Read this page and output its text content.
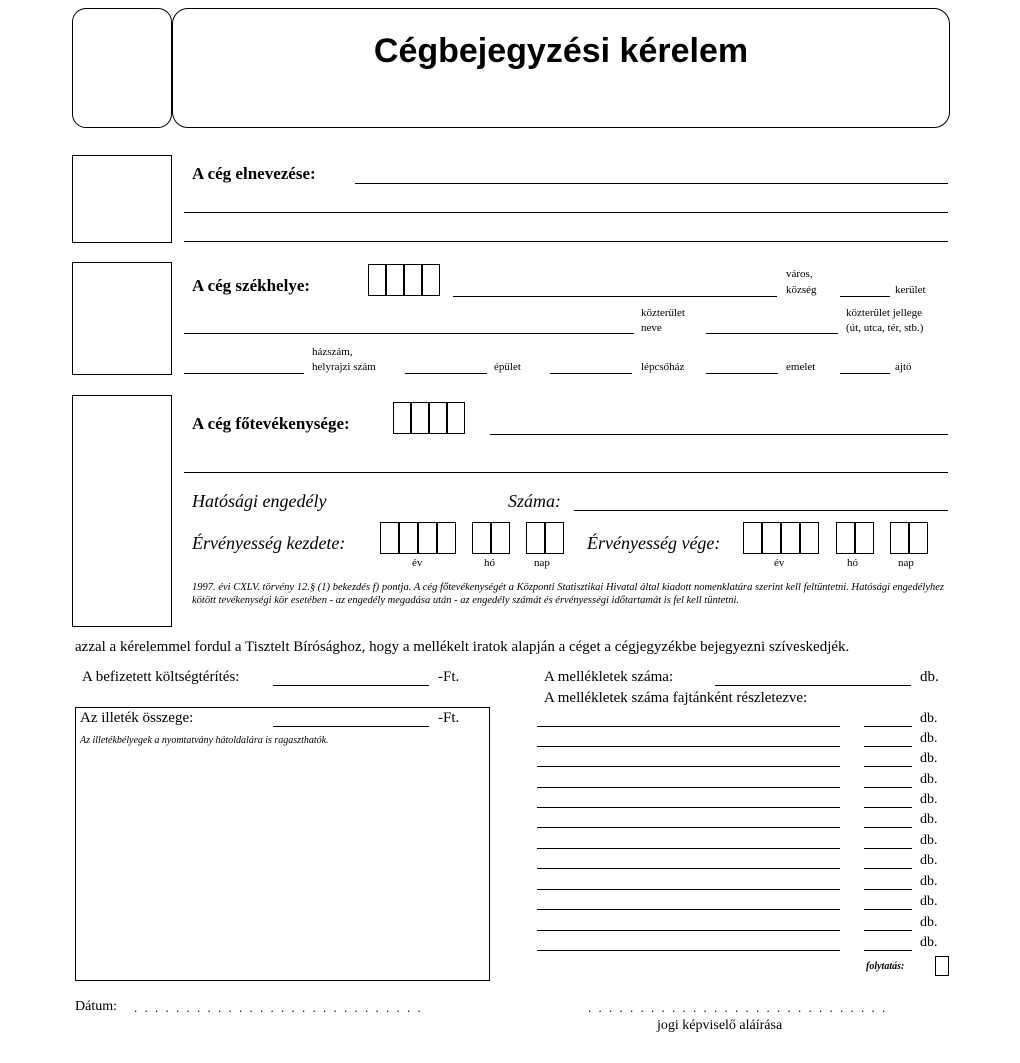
Cégbejegyzési kérelem
A cég elnevezése:
A cég székhelye:
város,
község	kerület
közterület
neve
közterület jellege
(út, utca, tér, stb.)
házszám,
helyrajzi szám	épület	lépcsőház	emelet	ajtó
A cég főtevékenysége:
Hatósági engedély	Száma:
Érvényesség kezdete:
év	hó	nap
Érvényesség vége:
év	hó	nap
1997. évi CXLV. törvény 12.§ (1) bekezdés f) pontja. A cég főtevékenységét a Központi Statisztikai Hivatal által kiadott nomenklatúra szerint kell feltüntetni. Hatósági engedélyhez kötött tevékenységi kör esetében - az engedély megadása után - az engedély számát és érvényességi időtartamát is fel kell tüntetni.
azzal a kérelemmel fordul a Tisztelt Bírósághoz, hogy a mellékelt iratok alapján a céget a cégjegyzékbe bejegyezni szíveskedjék.
A befizetett költségtérítés:	-Ft.
Az illeték összege:	-Ft.
Az illetékbélyegek a nyomtatvány hátoldalára is ragaszthatók.
A mellékletek száma:	db.
A mellékletek száma fajtánként részletezve:
db.
db.
db.
db.
db.
db.
db.
db.
db.
db.
db.
db.
folytatás:
Dátum: . . . . . . . . . . . . . . . . . . . . . . . . . . . .	. . . . . . . . . . . . . . . . . . . . . . . . . . . . .
jogi képviselő aláírása
